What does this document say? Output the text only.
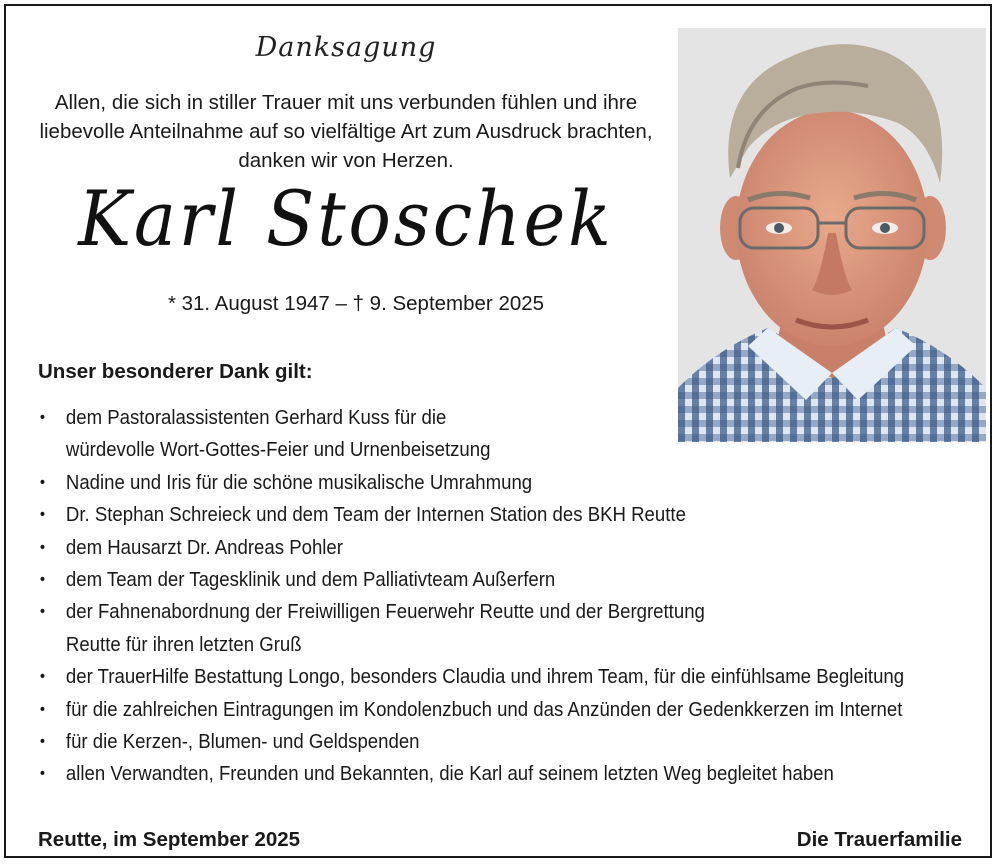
Danksagung
Allen, die sich in stiller Trauer mit uns verbunden fühlen und ihre
liebevolle Anteilnahme auf so vielfältige Art zum Ausdruck brachten,
danken wir von Herzen.
Karl Stoschek
* 31. August 1947 – † 9. September 2025
Unser besonderer Dank gilt:
• dem Pastoralassistenten Gerhard Kuss für die
würdevolle Wort-Gottes-Feier und Urnenbeisetzung
• Nadine und Iris für die schöne musikalische Umrahmung
• Dr. Stephan Schreieck und dem Team der Internen Station des BKH Reutte
• dem Hausarzt Dr. Andreas Pohler
• dem Team der Tagesklinik und dem Palliativteam Außerfern
• der Fahnenabordnung der Freiwilligen Feuerwehr Reutte und der Bergrettung
Reutte für ihren letzten Gruß
• der TrauerHilfe Bestattung Longo, besonders Claudia und ihrem Team, für die einfühlsame Begleitung
• für die zahlreichen Eintragungen im Kondolenzbuch und das Anzünden der Gedenkkerzen im Internet
• für die Kerzen-, Blumen- und Geldspenden
• allen Verwandten, Freunden und Bekannten, die Karl auf seinem letzten Weg begleitet haben
Reutte, im September 2025	Die Trauerfamilie
